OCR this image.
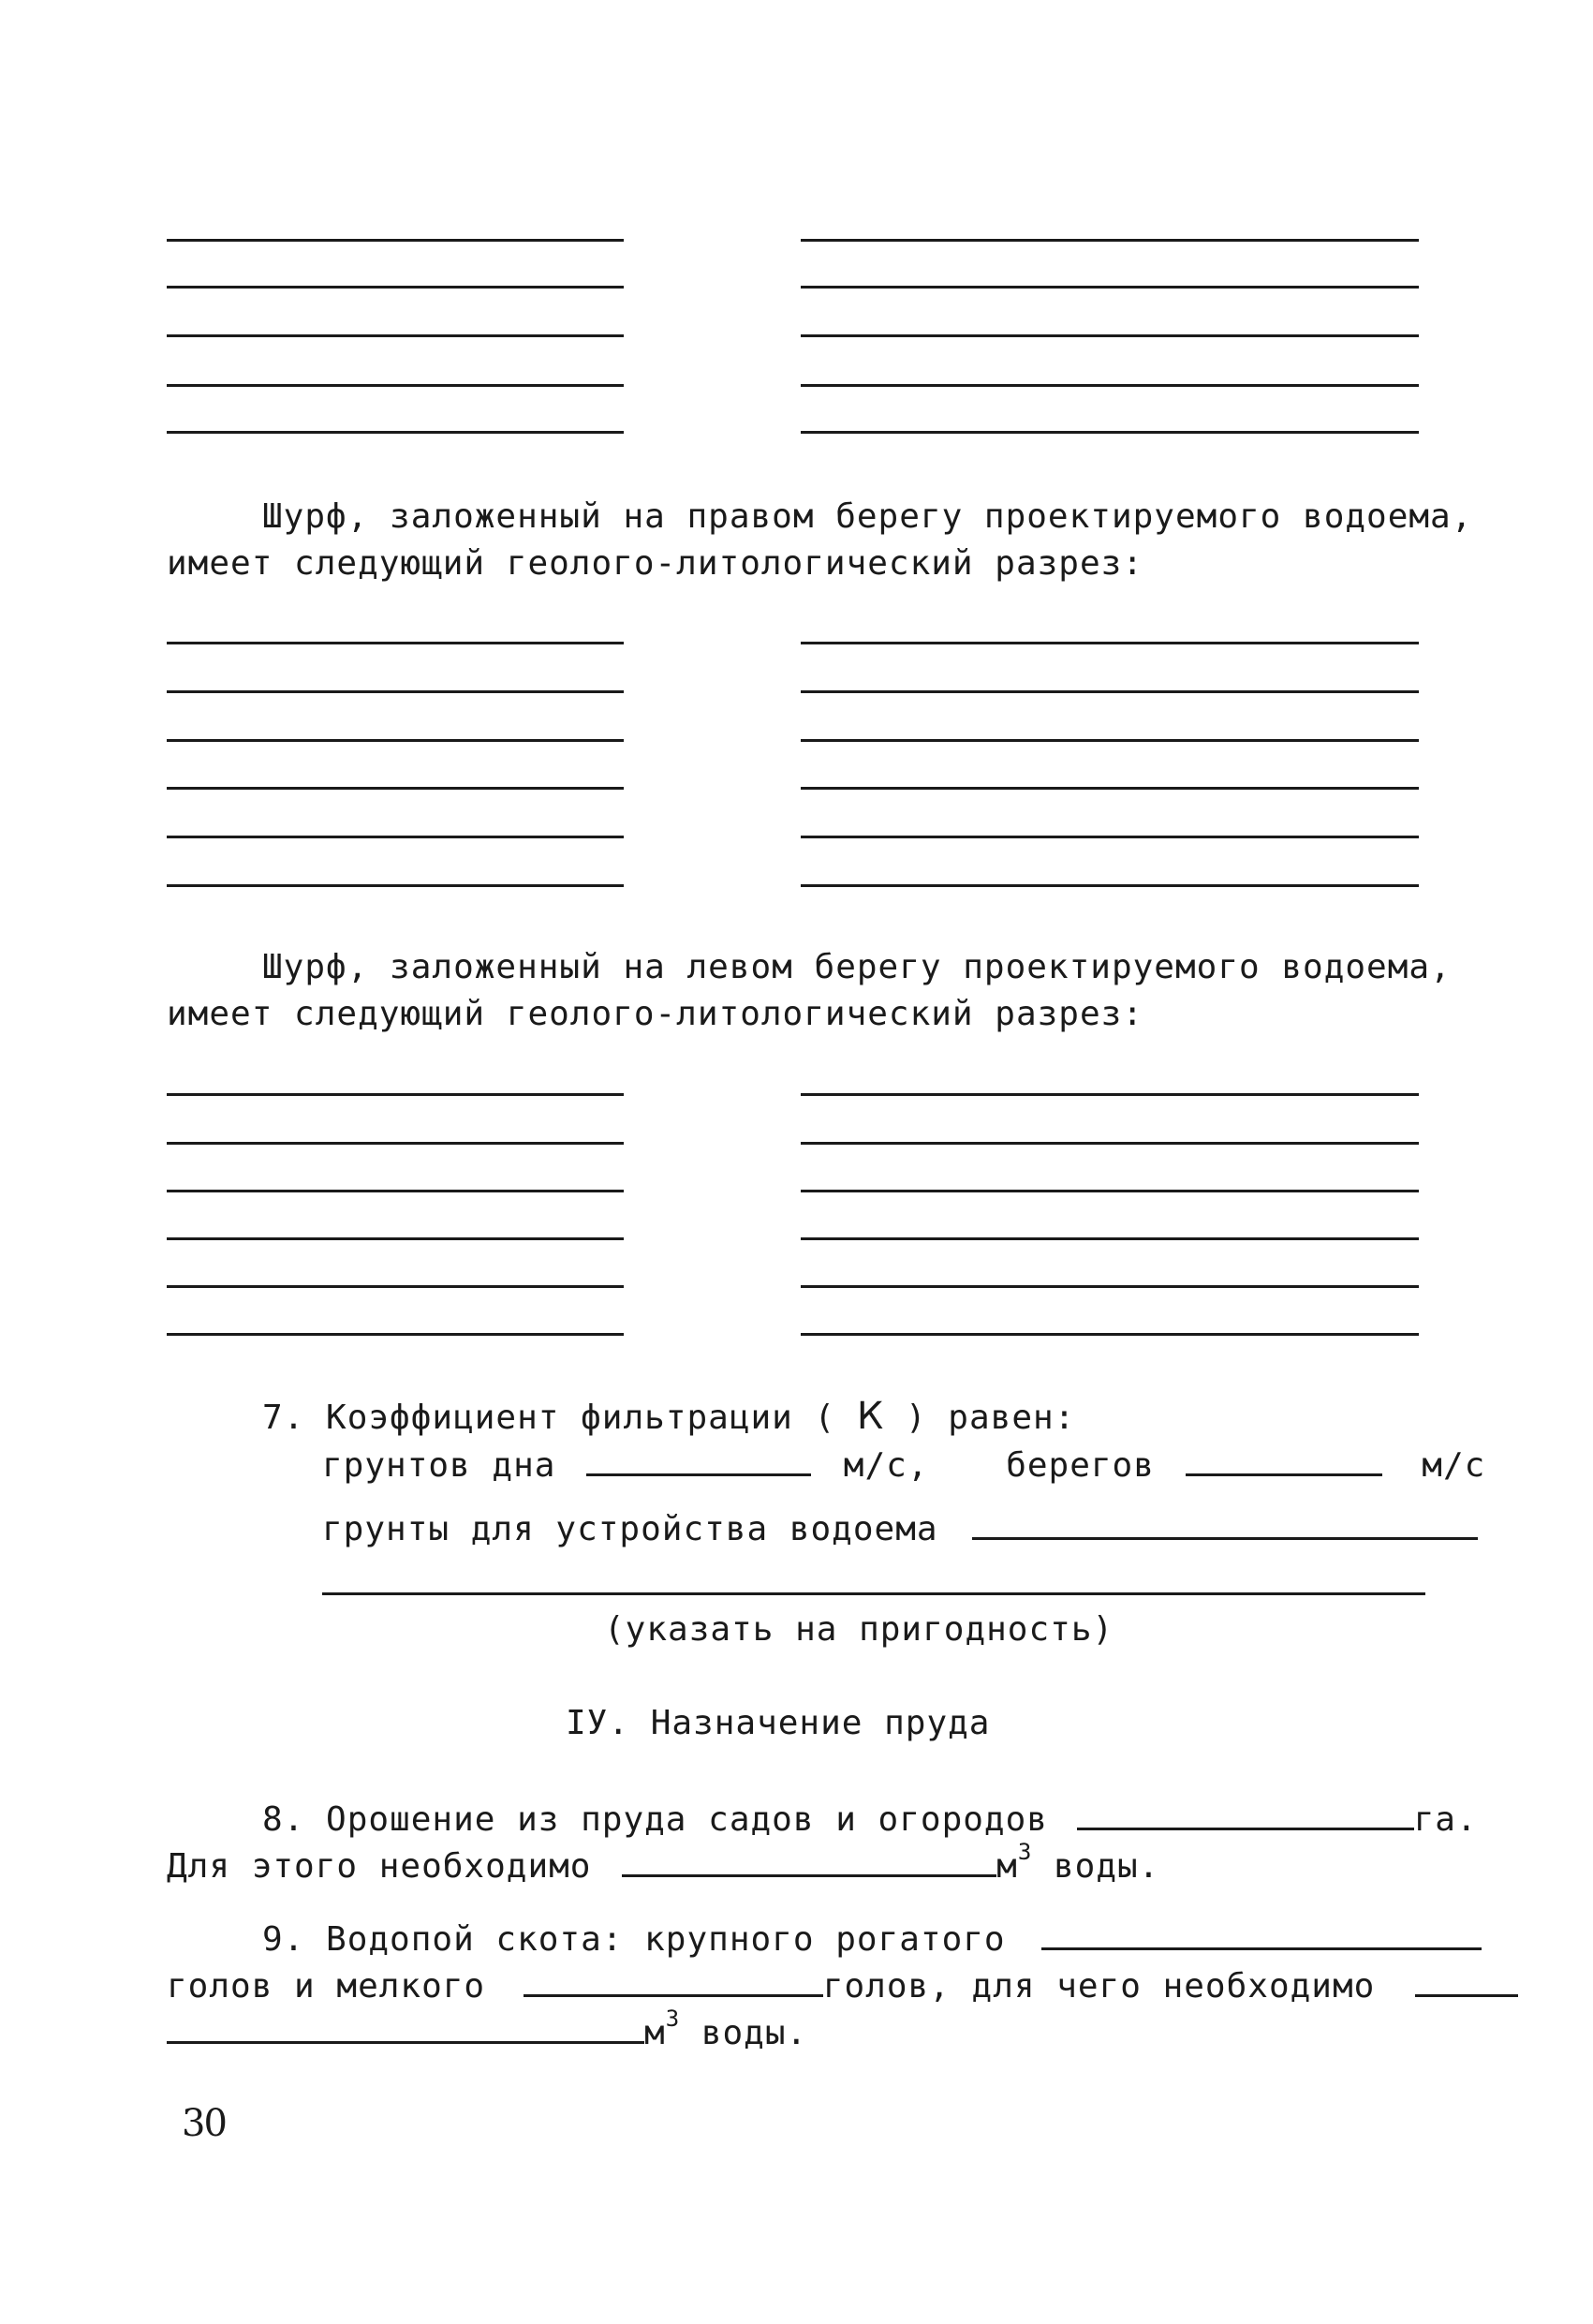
Шурф, заложенный на правом берегу проектируемого водоема,
имеет следующий геолого-литологический разрез:
Шурф, заложенный на левом берегу проектируемого водоема,
имеет следующий геолого-литологический разрез:
7. Коэффициент фильтрации ( К ) равен:
грунтов дна	м/с, берегов	м/с
грунты для устройства водоема
(указать на пригодность)
IУ. Назначение пруда
8. Орошение из пруда садов и огородов	га.
Для этого необходимо	$м^3$ воды.
9. Водопой скота: крупного рогатого
голов и мелкого	голов, для чего необходимо
$м^3$ воды.
30
